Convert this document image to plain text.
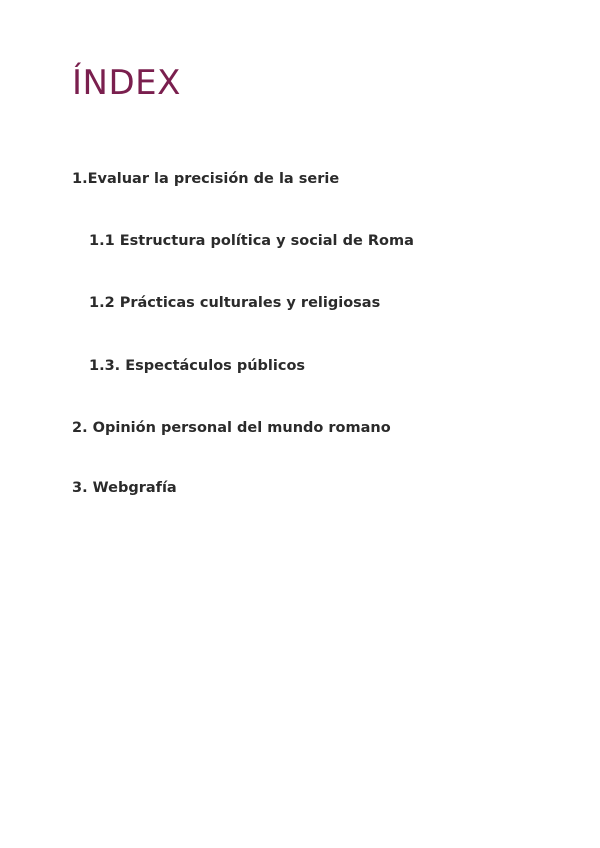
ÍNDEX

1.Evaluar la precisión de la serie

1.1 Estructura política y social de Roma

1.2 Prácticas culturales y religiosas

1.3. Espectáculos públicos

2. Opinión personal del mundo romano

3. Webgrafía
